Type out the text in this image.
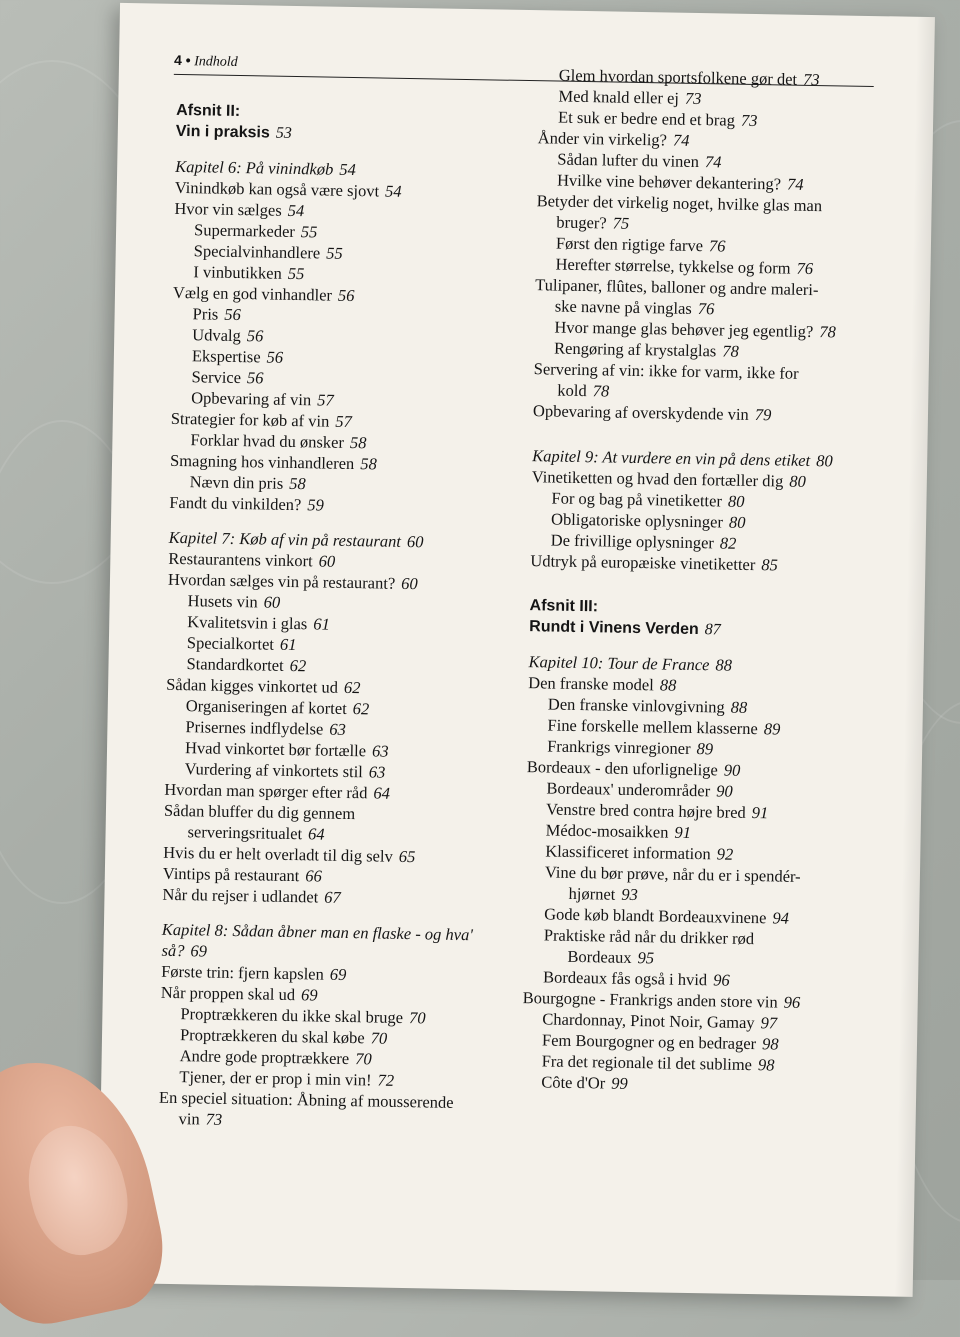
4 • Indhold
Afsnit II:
Vin i praksis 53
Kapitel 6: På vinindkøb 54
Vinindkøb kan også være sjovt 54
Hvor vin sælges 54
Supermarkeder 55
Specialvinhandlere 55
I vinbutikken 55
Vælg en god vinhandler 56
Pris 56
Udvalg 56
Ekspertise 56
Service 56
Opbevaring af vin 57
Strategier for køb af vin 57
Forklar hvad du ønsker 58
Smagning hos vinhandleren 58
Nævn din pris 58
Fandt du vinkilden? 59
Kapitel 7: Køb af vin på restaurant 60
Restaurantens vinkort 60
Hvordan sælges vin på restaurant? 60
Husets vin 60
Kvalitetsvin i glas 61
Specialkortet 61
Standardkortet 62
Sådan kigges vinkortet ud 62
Organiseringen af kortet 62
Prisernes indflydelse 63
Hvad vinkortet bør fortælle 63
Vurdering af vinkortets stil 63
Hvordan man spørger efter råd 64
Sådan bluffer du dig gennem
serveringsritualet 64
Hvis du er helt overladt til dig selv 65
Vintips på restaurant 66
Når du rejser i udlandet 67
Kapitel 8: Sådan åbner man en flaske - og hva'
så? 69
Første trin: fjern kapslen 69
Når proppen skal ud 69
Proptrækkeren du ikke skal bruge 70
Proptrækkeren du skal købe 70
Andre gode proptrækkere 70
Tjener, der er prop i min vin! 72
En speciel situation: Åbning af mousserende
vin 73
Glem hvordan sportsfolkene gør det 73
Med knald eller ej 73
Et suk er bedre end et brag 73
Ånder vin virkelig? 74
Sådan lufter du vinen 74
Hvilke vine behøver dekantering? 74
Betyder det virkelig noget, hvilke glas man
bruger? 75
Først den rigtige farve 76
Herefter størrelse, tykkelse og form 76
Tulipaner, flûtes, balloner og andre maleri-
ske navne på vinglas 76
Hvor mange glas behøver jeg egentlig? 78
Rengøring af krystalglas 78
Servering af vin: ikke for varm, ikke for
kold 78
Opbevaring af overskydende vin 79
Kapitel 9: At vurdere en vin på dens etiket 80
Vinetiketten og hvad den fortæller dig 80
For og bag på vinetiketter 80
Obligatoriske oplysninger 80
De frivillige oplysninger 82
Udtryk på europæiske vinetiketter 85
Afsnit III:
Rundt i Vinens Verden 87
Kapitel 10: Tour de France 88
Den franske model 88
Den franske vinlovgivning 88
Fine forskelle mellem klasserne 89
Frankrigs vinregioner 89
Bordeaux - den uforlignelige 90
Bordeaux' underområder 90
Venstre bred contra højre bred 91
Médoc-mosaikken 91
Klassificeret information 92
Vine du bør prøve, når du er i spendér-
hjørnet 93
Gode køb blandt Bordeauxvinene 94
Praktiske råd når du drikker rød
Bordeaux 95
Bordeaux fås også i hvid 96
Bourgogne - Frankrigs anden store vin 96
Chardonnay, Pinot Noir, Gamay 97
Fem Bourgogner og en bedrager 98
Fra det regionale til det sublime 98
Côte d'Or 99
